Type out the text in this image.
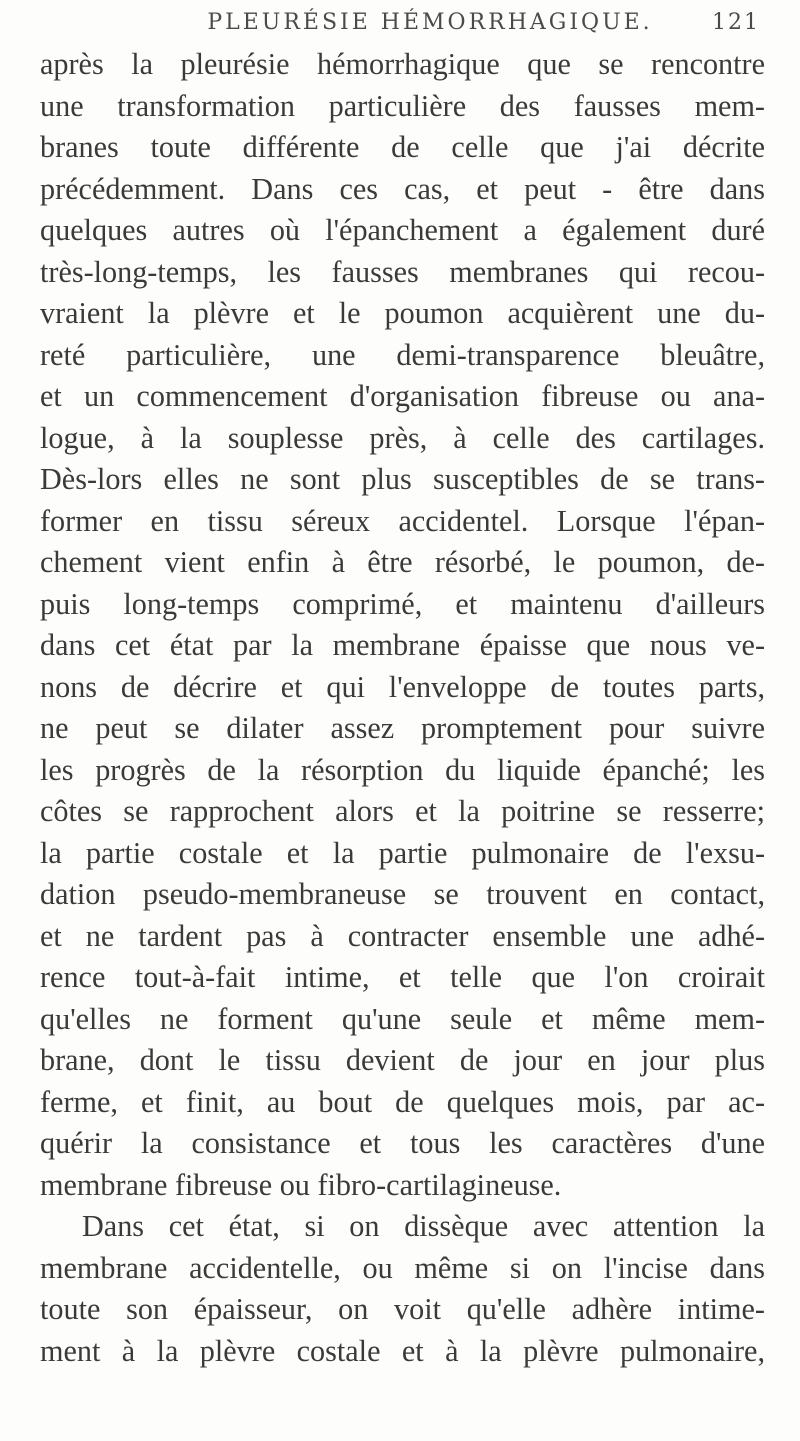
PLEURÉSIE HÉMORRHAGIQUE.	121
après la pleurésie hémorrhagique que se rencontre
une transformation particulière des fausses mem-
branes toute différente de celle que j'ai décrite
précédemment. Dans ces cas, et peut - être dans
quelques autres où l'épanchement a également duré
très-long-temps, les fausses membranes qui recou-
vraient la plèvre et le poumon acquièrent une du-
reté particulière, une demi-transparence bleuâtre,
et un commencement d'organisation fibreuse ou ana-
logue, à la souplesse près, à celle des cartilages.
Dès-lors elles ne sont plus susceptibles de se trans-
former en tissu séreux accidentel. Lorsque l'épan-
chement vient enfin à être résorbé, le poumon, de-
puis long-temps comprimé, et maintenu d'ailleurs
dans cet état par la membrane épaisse que nous ve-
nons de décrire et qui l'enveloppe de toutes parts,
ne peut se dilater assez promptement pour suivre
les progrès de la résorption du liquide épanché; les
côtes se rapprochent alors et la poitrine se resserre;
la partie costale et la partie pulmonaire de l'exsu-
dation pseudo-membraneuse se trouvent en contact,
et ne tardent pas à contracter ensemble une adhé-
rence tout-à-fait intime, et telle que l'on croirait
qu'elles ne forment qu'une seule et même mem-
brane, dont le tissu devient de jour en jour plus
ferme, et finit, au bout de quelques mois, par ac-
quérir la consistance et tous les caractères d'une
membrane fibreuse ou fibro-cartilagineuse.
Dans cet état, si on dissèque avec attention la
membrane accidentelle, ou même si on l'incise dans
toute son épaisseur, on voit qu'elle adhère intime-
ment à la plèvre costale et à la plèvre pulmonaire,
